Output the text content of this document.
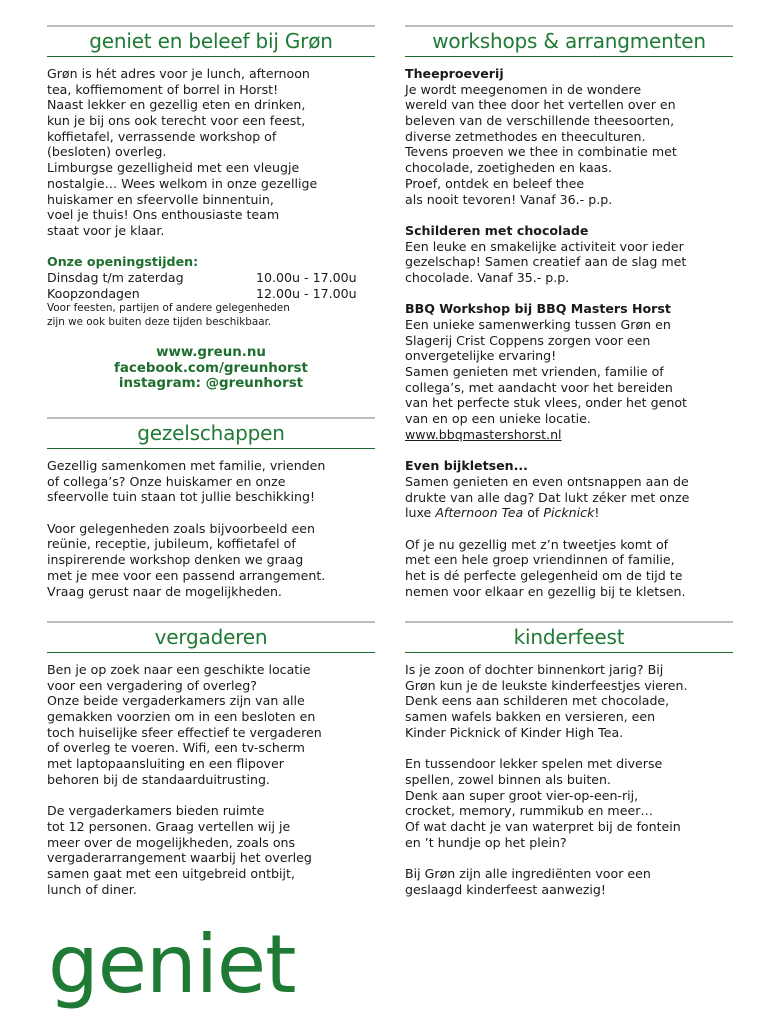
geniet en beleef bij Grøn
Grøn is hét adres voor je lunch, afternoon
tea, koffiemoment of borrel in Horst!
Naast lekker en gezellig eten en drinken,
kun je bij ons ook terecht voor een feest,
koffietafel, verrassende workshop of
(besloten) overleg.
Limburgse gezelligheid met een vleugje
nostalgie… Wees welkom in onze gezellige
huiskamer en sfeervolle binnentuin,
voel je thuis! Ons enthousiaste team
staat voor je klaar.
Onze openingstijden:
Dinsdag t/m zaterdag	10.00u - 17.00u
Koopzondagen	12.00u - 17.00u
Voor feesten, partijen of andere gelegenheden
zijn we ook buiten deze tijden beschikbaar.
www.greun.nu
facebook.com/greunhorst
instagram: @greunhorst
gezelschappen
Gezellig samenkomen met familie, vrienden
of collega’s? Onze huiskamer en onze
sfeervolle tuin staan tot jullie beschikking!
Voor gelegenheden zoals bijvoorbeeld een
reünie, receptie, jubileum, koffietafel of
inspirerende workshop denken we graag
met je mee voor een passend arrangement.
Vraag gerust naar de mogelijkheden.
vergaderen
Ben je op zoek naar een geschikte locatie
voor een vergadering of overleg?
Onze beide vergaderkamers zijn van alle
gemakken voorzien om in een besloten en
toch huiselijke sfeer effectief te vergaderen
of overleg te voeren. Wifi, een tv-scherm
met laptopaansluiting en een flipover
behoren bij de standaarduitrusting.
De vergaderkamers bieden ruimte
tot 12 personen. Graag vertellen wij je
meer over de mogelijkheden, zoals ons
vergaderarrangement waarbij het overleg
samen gaat met een uitgebreid ontbijt,
lunch of diner.
workshops & arrangmenten
Theeproeverij
Je wordt meegenomen in de wondere
wereld van thee door het vertellen over en
beleven van de verschillende theesoorten,
diverse zetmethodes en theeculturen.
Tevens proeven we thee in combinatie met
chocolade, zoetigheden en kaas.
Proef, ontdek en beleef thee
als nooit tevoren! Vanaf 36.- p.p.
Schilderen met chocolade
Een leuke en smakelijke activiteit voor ieder
gezelschap! Samen creatief aan de slag met
chocolade. Vanaf 35.- p.p.
BBQ Workshop bij BBQ Masters Horst
Een unieke samenwerking tussen Grøn en
Slagerij Crist Coppens zorgen voor een
onvergetelijke ervaring!
Samen genieten met vrienden, familie of
collega’s, met aandacht voor het bereiden
van het perfecte stuk vlees, onder het genot
van en op een unieke locatie.
www.bbqmastershorst.nl
Even bijkletsen...
Samen genieten en even ontsnappen aan de
drukte van alle dag? Dat lukt zéker met onze
luxe Afternoon Tea of Picknick!
Of je nu gezellig met z’n tweetjes komt of
met een hele groep vriendinnen of familie,
het is dé perfecte gelegenheid om de tijd te
nemen voor elkaar en gezellig bij te kletsen.
kinderfeest
Is je zoon of dochter binnenkort jarig? Bij
Grøn kun je de leukste kinderfeestjes vieren.
Denk eens aan schilderen met chocolade,
samen wafels bakken en versieren, een
Kinder Picknick of Kinder High Tea.
En tussendoor lekker spelen met diverse
spellen, zowel binnen als buiten.
Denk aan super groot vier-op-een-rij,
crocket, memory, rummikub en meer…
Of wat dacht je van waterpret bij de fontein
en ’t hundje op het plein?
Bij Grøn zijn alle ingrediënten voor een
geslaagd kinderfeest aanwezig!
geniet
